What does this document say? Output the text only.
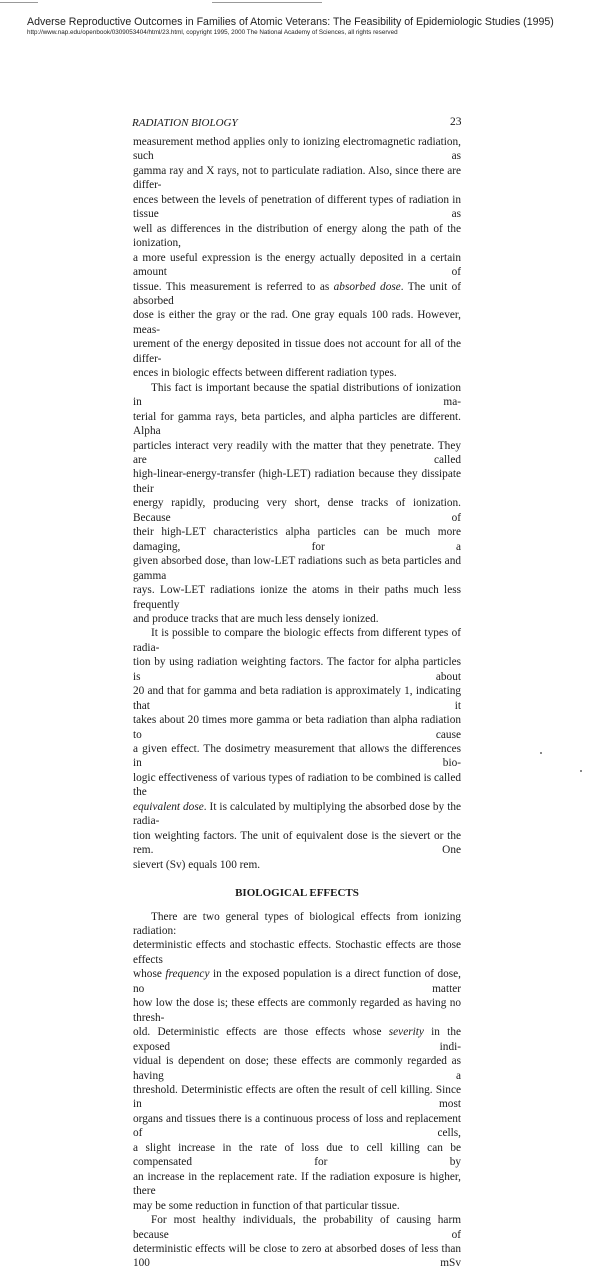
Adverse Reproductive Outcomes in Families of Atomic Veterans: The Feasibility of Epidemiologic Studies (1995)
http://www.nap.edu/openbook/0309053404/html/23.html, copyright 1995, 2000 The National Academy of Sciences, all rights reserved
RADIATION BIOLOGY	23
measurement method applies only to ionizing electromagnetic radiation, such as
gamma ray and X rays, not to particulate radiation. Also, since there are differ-
ences between the levels of penetration of different types of radiation in tissue as
well as differences in the distribution of energy along the path of the ionization,
a more useful expression is the energy actually deposited in a certain amount of
tissue. This measurement is referred to as absorbed dose. The unit of absorbed
dose is either the gray or the rad. One gray equals 100 rads. However, meas-
urement of the energy deposited in tissue does not account for all of the differ-
ences in biologic effects between different radiation types.
This fact is important because the spatial distributions of ionization in ma-
terial for gamma rays, beta particles, and alpha particles are different. Alpha
particles interact very readily with the matter that they penetrate. They are called
high-linear-energy-transfer (high-LET) radiation because they dissipate their
energy rapidly, producing very short, dense tracks of ionization. Because of
their high-LET characteristics alpha particles can be much more damaging, for a
given absorbed dose, than low-LET radiations such as beta particles and gamma
rays. Low-LET radiations ionize the atoms in their paths much less frequently
and produce tracks that are much less densely ionized.
It is possible to compare the biologic effects from different types of radia-
tion by using radiation weighting factors. The factor for alpha particles is about
20 and that for gamma and beta radiation is approximately 1, indicating that it
takes about 20 times more gamma or beta radiation than alpha radiation to cause
a given effect. The dosimetry measurement that allows the differences in bio-
logic effectiveness of various types of radiation to be combined is called the
equivalent dose. It is calculated by multiplying the absorbed dose by the radia-
tion weighting factors. The unit of equivalent dose is the sievert or the rem. One
sievert (Sv) equals 100 rem.
BIOLOGICAL EFFECTS
There are two general types of biological effects from ionizing radiation:
deterministic effects and stochastic effects. Stochastic effects are those effects
whose frequency in the exposed population is a direct function of dose, no matter
how low the dose is; these effects are commonly regarded as having no thresh-
old. Deterministic effects are those effects whose severity in the exposed indi-
vidual is dependent on dose; these effects are commonly regarded as having a
threshold. Deterministic effects are often the result of cell killing. Since in most
organs and tissues there is a continuous process of loss and replacement of cells,
a slight increase in the rate of loss due to cell killing can be compensated for by
an increase in the replacement rate. If the radiation exposure is higher, there
may be some reduction in function of that particular tissue.
For most healthy individuals, the probability of causing harm because of
deterministic effects will be close to zero at absorbed doses of less than 100 mSv
